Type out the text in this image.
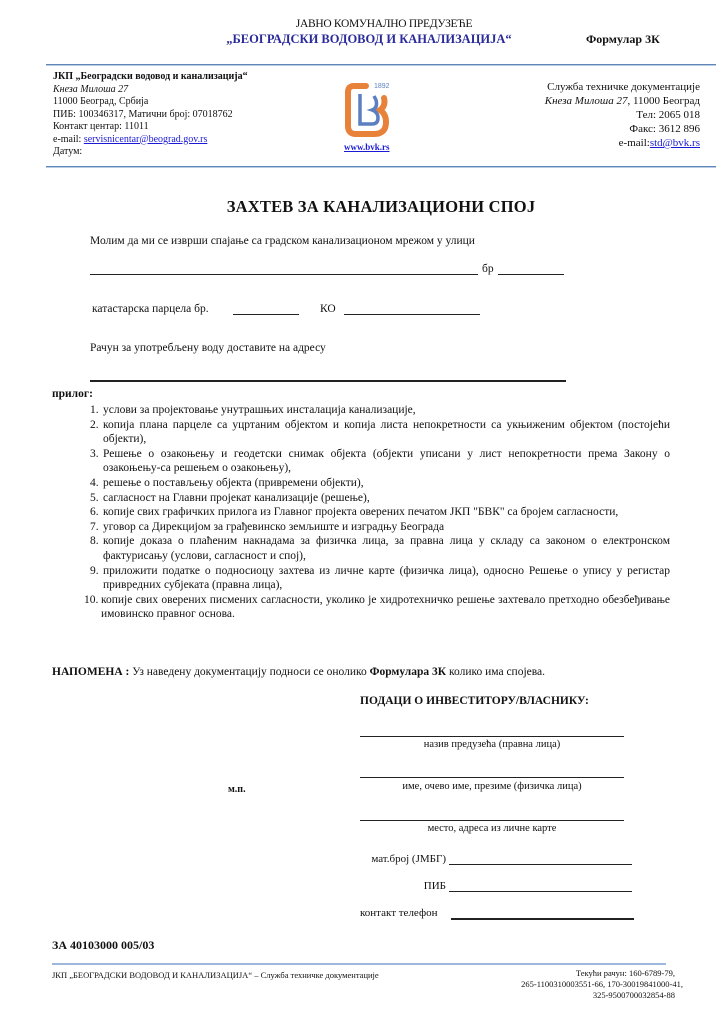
ЈАВНО КОМУНАЛНО ПРЕДУЗЕЋЕ
„БЕОГРАДСКИ ВОДОВОД И КАНАЛИЗАЦИЈА“	Формулар 3К
ЈКП „Београдски водовод и канализација“
Кнеза Милоша 27
11000 Београд, Србија
ПИБ: 100346317, Матични број: 07018762
Контакт центар: 11011
e-mail: servisnicentar@beograd.gov.rs
Датум:
1892
www.bvk.rs
Служба техничке документације
Кнеза Милоша 27, 11000 Београд
Тел: 2065 018
Факс: 3612 896
e-mail:std@bvk.rs
ЗАХТЕВ ЗА КАНАЛИЗАЦИОНИ СПОЈ
Молим да ми се изврши спајање са градском канализационом мрежом у улици
бр
катастарска парцела бр.	КО
Рачун за употребљену воду доставите на адресу
прилог:
1. услови за пројектовање унутрашњих инсталација канализације,
2. копија плана парцеле са уцртаним објектом и копија листа непокретности са укњиженим објектом (постојећи објекти),
3. Решење о озакоњењу и геодетски снимак објекта (објекти уписани у лист непокретности према Закону о озакоњењу-са решењем о озакоњењу),
4. решење о постављењу објекта (привремени објекти),
5. сагласност на Главни пројекат канализације (решење),
6. копије свих графичких прилога из Главног пројекта оверених печатом ЈКП "БВК" са бројем сагласности,
7. уговор са Дирекцијом за грађевинско земљиште и изградњу Београда
8. копије доказа о плаћеним накнадама за физичка лица, за правна лица у складу са законом о електронском фактурисању (услови, сагласност и спој),
9. приложити податке о подносиоцу захтева из личне карте (физичка лица), односно Решење о упису у регистар привредних субјеката (правна лица),
10. копије свих оверених писмених сагласности, уколико је хидротехничко решење захтевало претходно обезбеђивање имовинско правног основа.
НАПОМЕНА : Уз наведену документацију подноси се онолико Формулара 3К колико има спојева.
ПОДАЦИ О ИНВЕСТИТОРУ/ВЛАСНИКУ:
назив предузећа (правна лица)
име, очево име, презиме (физичка лица)
м.п.
место, адреса из личне карте
мат.број (ЈМБГ)
ПИБ
контакт телефон
ЗА 40103000 005/03
ЈКП „БЕОГРАДСКИ ВОДОВОД И КАНАЛИЗАЦИЈА“ – Служба техничке документације	Текући рачун: 160-6789-79,
265-1100310003551-66, 170-30019841000-41,
325-9500700032854-88
